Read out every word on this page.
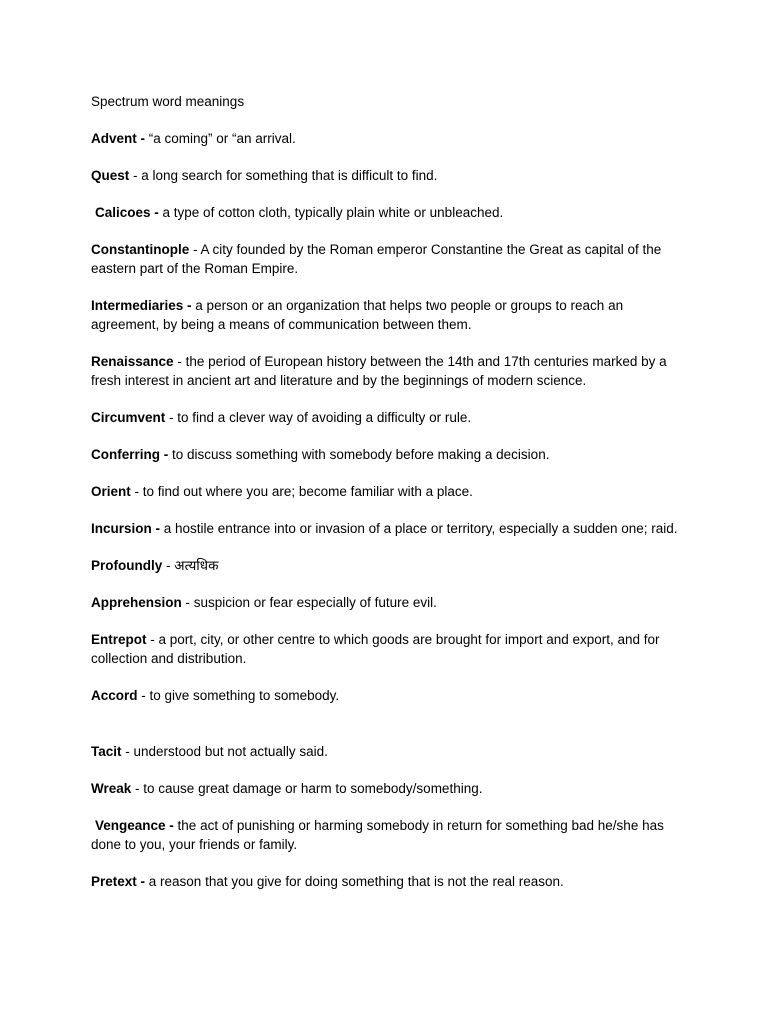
Spectrum word meanings

Advent - “a coming” or “an arrival.

Quest - a long search for something that is difficult to find.

Calicoes - a type of cotton cloth, typically plain white or unbleached.

Constantinople - A city founded by the Roman emperor Constantine the Great as capital of the eastern part of the Roman Empire.

Intermediaries - a person or an organization that helps two people or groups to reach an agreement, by being a means of communication between them.

Renaissance - the period of European history between the 14th and 17th centuries marked by a fresh interest in ancient art and literature and by the beginnings of modern science.

Circumvent - to find a clever way of avoiding a difficulty or rule.

Conferring - to discuss something with somebody before making a decision.

Orient - to find out where you are; become familiar with a place.

Incursion - a hostile entrance into or invasion of a place or territory, especially a sudden one; raid.

Profoundly - अत्यधिक

Apprehension - suspicion or fear especially of future evil.

Entrepot - a port, city, or other centre to which goods are brought for import and export, and for collection and distribution.

Accord - to give something to somebody.

Tacit - understood but not actually said.

Wreak - to cause great damage or harm to somebody/something.

Vengeance - the act of punishing or harming somebody in return for something bad he/she has done to you, your friends or family.

Pretext - a reason that you give for doing something that is not the real reason.
